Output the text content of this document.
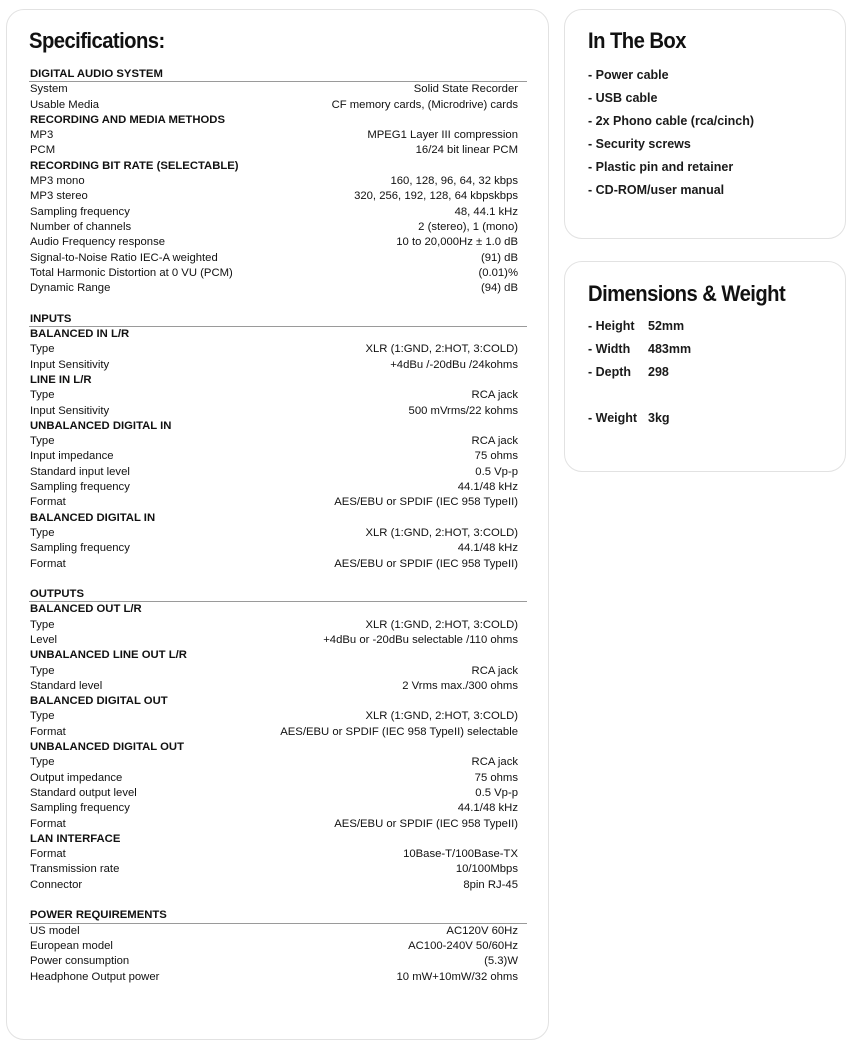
Specifications:
DIGITAL AUDIO SYSTEM
System	Solid State Recorder
Usable Media	CF memory cards, (Microdrive) cards
RECORDING AND MEDIA METHODS
MP3	MPEG1 Layer III compression
PCM	16/24 bit linear PCM
RECORDING BIT RATE (SELECTABLE)
MP3 mono	160, 128, 96, 64, 32 kbps
MP3 stereo	320, 256, 192, 128, 64 kbpskbps
Sampling frequency	48, 44.1 kHz
Number of channels	2 (stereo), 1 (mono)
Audio Frequency response	10 to 20,000Hz ± 1.0 dB
Signal-to-Noise Ratio IEC-A weighted	(91) dB
Total Harmonic Distortion at 0 VU (PCM)	(0.01)%
Dynamic Range	(94) dB
INPUTS
BALANCED IN L/R
Type	XLR (1:GND, 2:HOT, 3:COLD)
Input Sensitivity	+4dBu /-20dBu /24kohms
LINE IN L/R
Type	RCA jack
Input Sensitivity	500 mVrms/22 kohms
UNBALANCED DIGITAL IN
Type	RCA jack
Input impedance	75 ohms
Standard input level	0.5 Vp-p
Sampling frequency	44.1/48 kHz
Format	AES/EBU or SPDIF (IEC 958 TypeII)
BALANCED DIGITAL IN
Type	XLR (1:GND, 2:HOT, 3:COLD)
Sampling frequency	44.1/48 kHz
Format	AES/EBU or SPDIF (IEC 958 TypeII)
OUTPUTS
BALANCED OUT L/R
Type	XLR (1:GND, 2:HOT, 3:COLD)
Level	+4dBu or -20dBu selectable /110 ohms
UNBALANCED LINE OUT L/R
Type	RCA jack
Standard level	2 Vrms max./300 ohms
BALANCED DIGITAL OUT
Type	XLR (1:GND, 2:HOT, 3:COLD)
Format	AES/EBU or SPDIF (IEC 958 TypeII) selectable
UNBALANCED DIGITAL OUT
Type	RCA jack
Output impedance	75 ohms
Standard output level	0.5 Vp-p
Sampling frequency	44.1/48 kHz
Format	AES/EBU or SPDIF (IEC 958 TypeII)
LAN INTERFACE
Format	10Base-T/100Base-TX
Transmission rate	10/100Mbps
Connector	8pin RJ-45
POWER REQUIREMENTS
US model	AC120V 60Hz
European model	AC100-240V 50/60Hz
Power consumption	(5.3)W
Headphone Output power	10 mW+10mW/32 ohms
In The Box
- Power cable
- USB cable
- 2x Phono cable (rca/cinch)
- Security screws
- Plastic pin and retainer
- CD-ROM/user manual
Dimensions & Weight
- Height 52mm
- Width 483mm
- Depth 298
- Weight 3kg
